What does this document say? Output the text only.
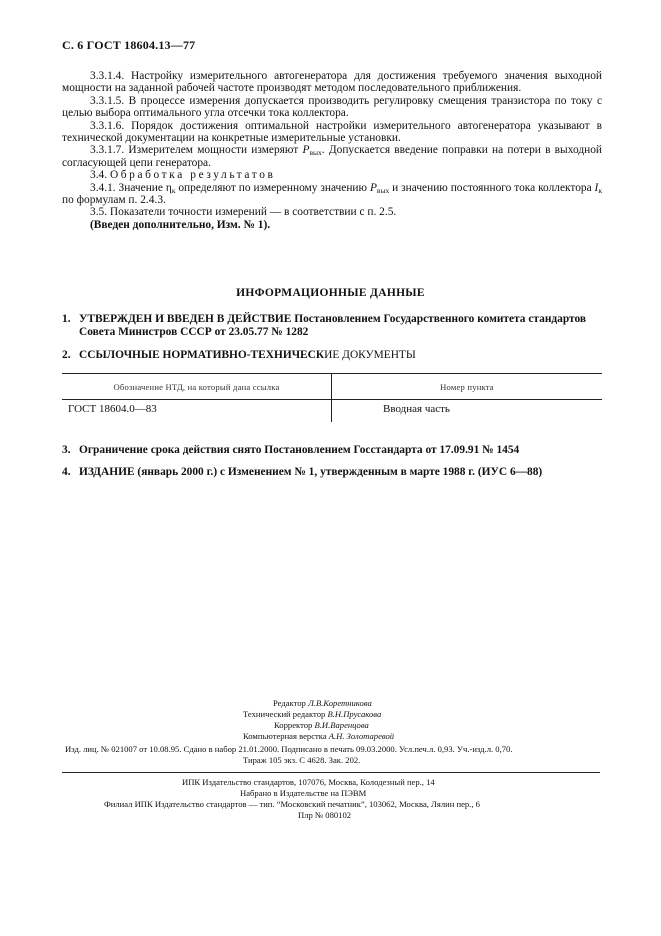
С. 6 ГОСТ 18604.13—77

3.3.1.4. Настройку измерительного автогенератора для достижения требуемого значения выходной мощности на заданной рабочей частоте производят методом последовательного приближения.

3.3.1.5. В процессе измерения допускается производить регулировку смещения транзистора по току с целью выбора оптимального угла отсечки тока коллектора.

3.3.1.6. Порядок достижения оптимальной настройки измерительного автогенератора указывают в технической документации на конкретные измерительные установки.

3.3.1.7. Измерителем мощности измеряют $P_{вых}$. Допускается введение поправки на потери в выходной согласующей цепи генератора.

3.4. Обработка результатов

3.4.1. Значение $\eta_к$ определяют по измеренному значению $P_{вых}$ и значению постоянного тока коллектора $I_к$ по формулам п. 2.4.3.

3.5. Показатели точности измерений — в соответствии с п. 2.5.

(Введен дополнительно, Изм. № 1).

ИНФОРМАЦИОННЫЕ ДАННЫЕ
1. УТВЕРЖДЕН И ВВЕДЕН В ДЕЙСТВИЕ Постановлением Государственного комитета стандартов
Совета Министров СССР от 23.05.77 № 1282
2. ССЫЛОЧНЫЕ НОРМАТИВНО-ТЕХНИЧЕСКИЕ ДОКУМЕНТЫ
Обозначение НТД, на который дана ссылка	Номер пункта
ГОСТ 18604.0—83	Вводная часть
3. Ограничение срока действия снято Постановлением Госстандарта от 17.09.91 № 1454
4. ИЗДАНИЕ (январь 2000 г.) с Изменением № 1, утвержденным в марте 1988 г. (ИУС 6—88)
Редактор Л.В.Коретникова
Технический редактор В.Н.Прусакова
Корректор В.И.Варенцова
Компьютерная верстка А.Н. Золотаревой
Изд. лиц. № 021007 от 10.08.95. Сдано в набор 21.01.2000. Подписано в печать 09.03.2000. Усл.печ.л. 0,93. Уч.-изд.л. 0,70.
Тираж 105 экз. С 4628. Зак. 202.
ИПК Издательство стандартов, 107076, Москва, Колодезный пер., 14
Набрано в Издательстве на ПЭВМ
Филиал ИПК Издательство стандартов — тип. “Московский печатник”, 103062, Москва, Лялин пер., 6
Плр № 080102
